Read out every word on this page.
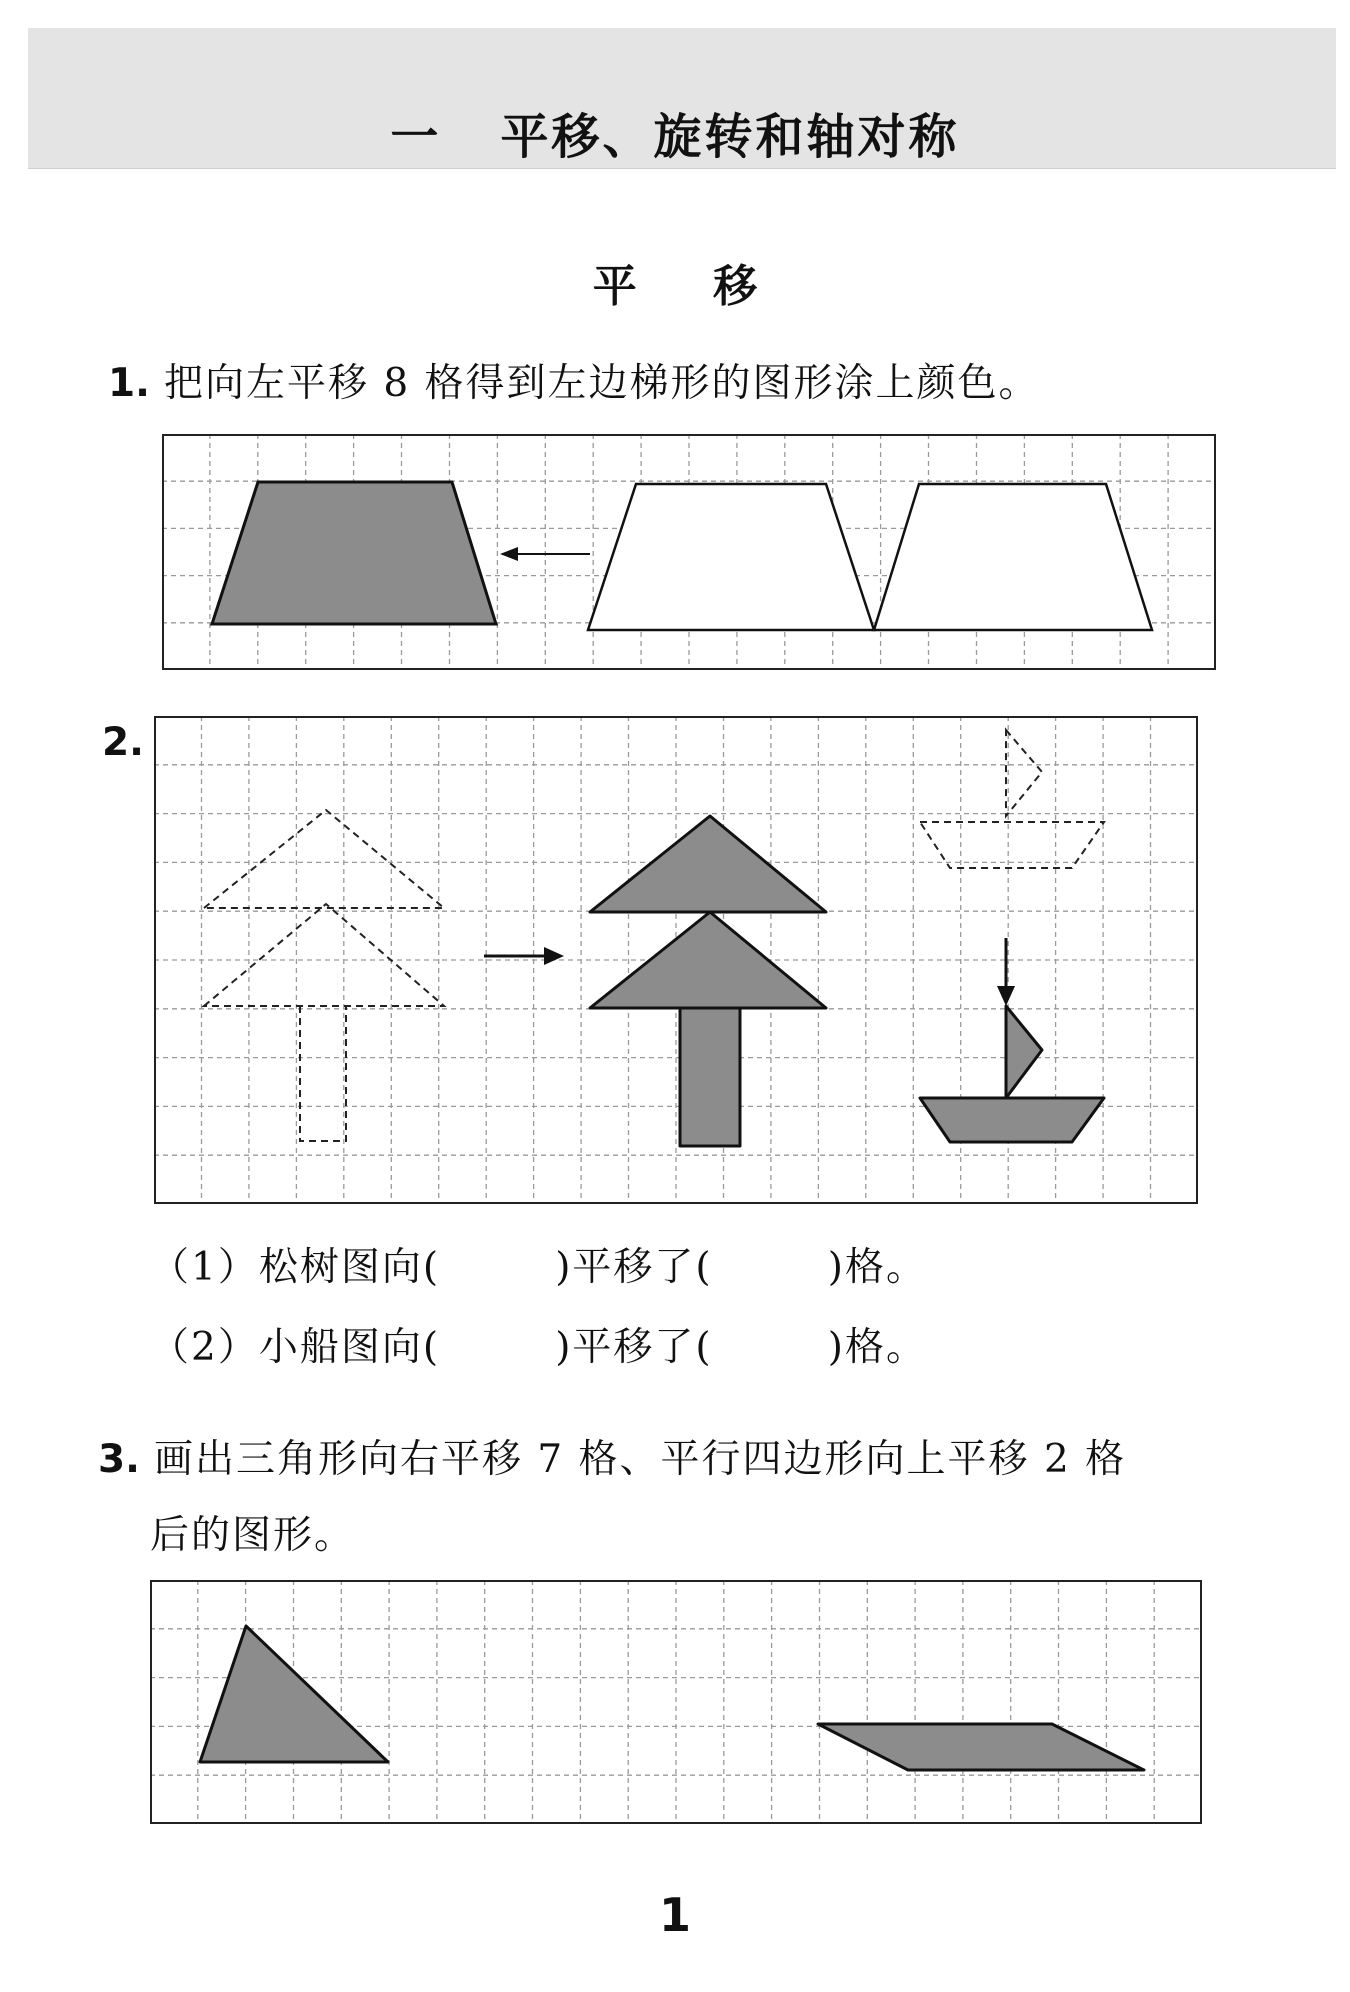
一   平移、旋转和轴对称
平     移
1. 把向左平移 8 格得到左边梯形的图形涂上颜色。
2.
（1）松树图向(        )平移了(        )格。
（2）小船图向(        )平移了(        )格。
3. 画出三角形向右平移 7 格、平行四边形向上平移 2 格
后的图形。
1
